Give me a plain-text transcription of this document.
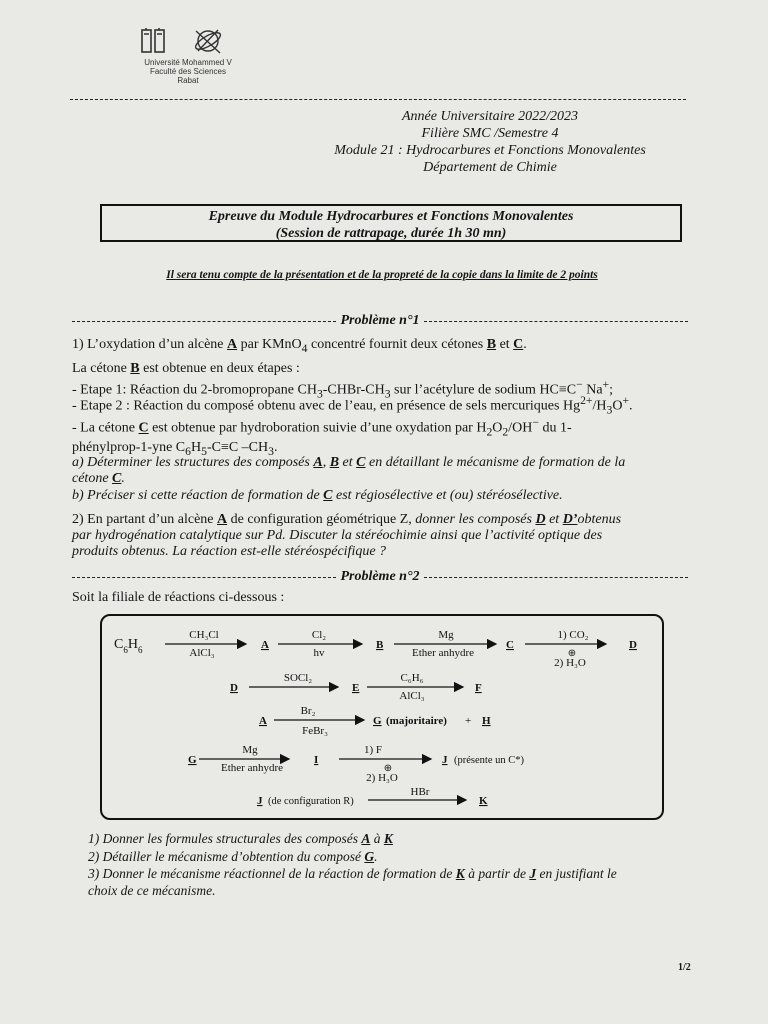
Université Mohammed V
Faculté des Sciences
Rabat
Année Universitaire 2022/2023
Filière SMC /Semestre 4
Module 21 : Hydrocarbures et Fonctions Monovalentes
Département de Chimie
Epreuve du Module Hydrocarbures et Fonctions Monovalentes
(Session de rattrapage, durée 1h 30 mn)
Il sera tenu compte de la présentation et de la propreté de la copie dans la limite de 2 points
Problème n°1
1) L’oxydation d’un alcène A par KMnO$_4$ concentré fournit deux cétones B et C.
La cétone B est obtenue en deux étapes :
- Etape 1: Réaction du 2-bromopropane $CH_3-CHBr-CH_3$ sur l’acétylure de sodium HC≡C− Na+;
- Etape 2 : Réaction du composé obtenu avec de l’eau, en présence de sels mercuriques $Hg^{2+}/H_3O^+$.
- La cétone C est obtenue par hydroboration suivie d’une oxydation par $H_2O_2/OH^-$ du 1-
phénylprop-1-yne $C_6H_5-C\equiv C$ $-CH_3$.
a) Déterminer les structures des composés A, B et C en détaillant le mécanisme de formation de la
cétone C.
b) Préciser si cette réaction de formation de C est régiosélective et (ou) stéréosélective.
2) En partant d’un alcène A de configuration géométrique Z, donner les composés D et D’obtenus
par hydrogénation catalytique sur Pd. Discuter la stéréochimie ainsi que l’activité optique des
produits obtenus. La réaction est-elle stéréospécifique ?
Problème n°2
Soit la filiale de réactions ci-dessous :
$C_6H_6$
CH₃Cl
AlCl₃
A
Cl₂
hv
B
Mg
Ether anhydre
C
1) CO₂
⊕
2) H₃O
D
D
SOCl₂
E
C₆H₆
AlCl₃
F
A
Br₂
FeBr₃
G (majoritaire) + H
G
Mg
Ether anhydre
I
1) F
⊕
2) H₃O
J (présente un C*)
J (de configuration R)
HBr
K
1) Donner les formules structurales des composés A à K
2) Détailler le mécanisme d’obtention du composé G.
3) Donner le mécanisme réactionnel de la réaction de formation de K à partir de J en justifiant le
choix de ce mécanisme.
1/2
